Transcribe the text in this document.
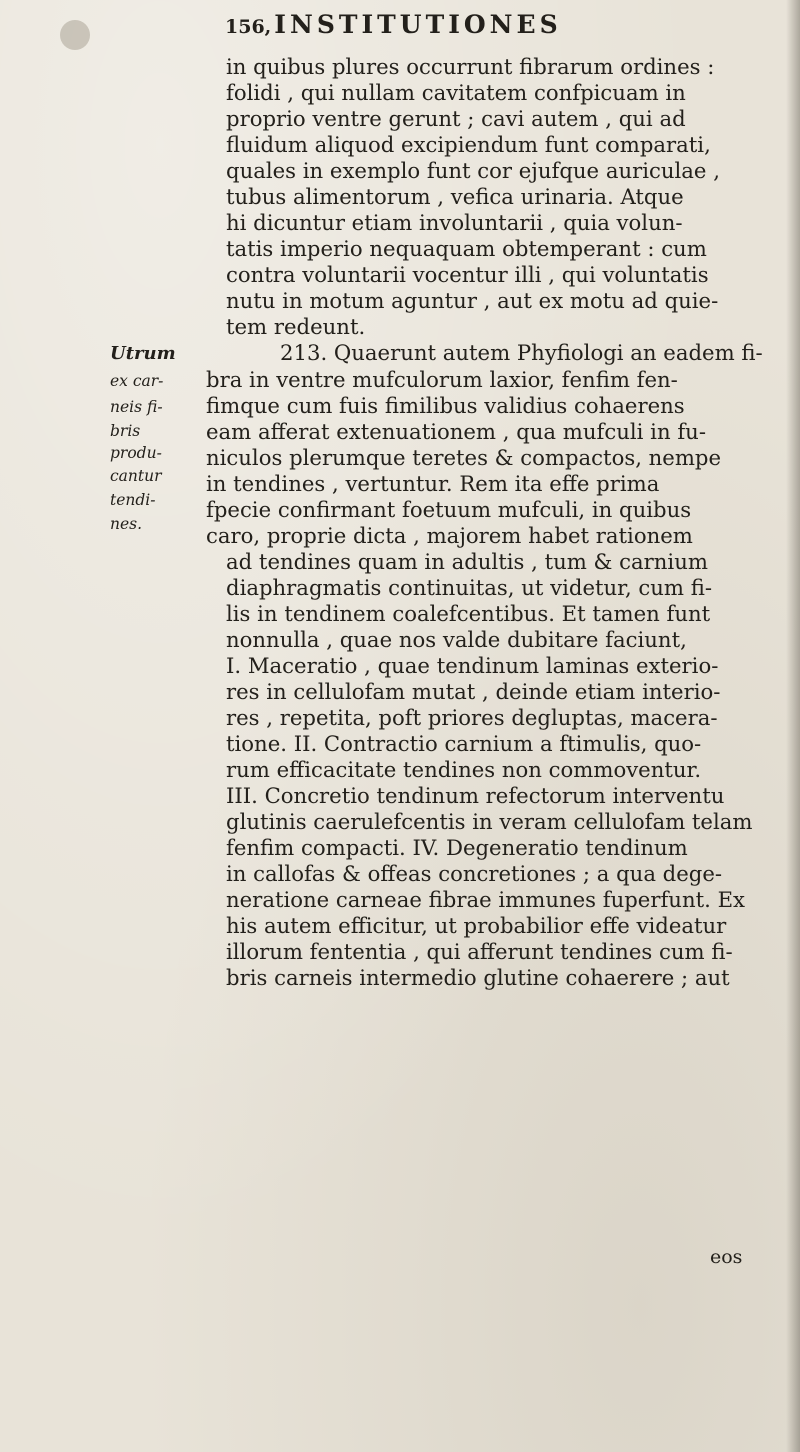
156, INSTITUTIONES
in quibus plures occurrunt fibrarum ordines :
folidi , qui nullam cavitatem confpicuam in
proprio ventre gerunt ; cavi autem , qui ad
fluidum aliquod excipiendum funt comparati,
quales in exemplo funt cor ejufque auriculae ,
tubus alimentorum , vefica urinaria. Atque
hi dicuntur etiam involuntarii , quia volun-
tatis imperio nequaquam obtemperant : cum
contra voluntarii vocentur illi , qui voluntatis
nutu in motum aguntur , aut ex motu ad quie-
tem redeunt.
213. Quaerunt autem Phyfiologi an eadem fi-
bra in ventre mufculorum laxior, fenfim fen-
fimque cum fuis fimilibus validius cohaerens
eam afferat extenuationem , qua mufculi in fu-
niculos plerumque teretes & compactos, nempe
in tendines , vertuntur. Rem ita effe prima
fpecie confirmant foetuum mufculi, in quibus
caro, proprie dicta , majorem habet rationem
ad tendines quam in adultis , tum & carnium
diaphragmatis continuitas, ut videtur, cum fi-
lis in tendinem coalefcentibus. Et tamen funt
nonnulla , quae nos valde dubitare faciunt,
I. Maceratio , quae tendinum laminas exterio-
res in cellulofam mutat , deinde etiam interio-
res , repetita, poft priores degluptas, macera-
tione. II. Contractio carnium a ftimulis, quo-
rum efficacitate tendines non commoventur.
III. Concretio tendinum refectorum interventu
glutinis caerulefcentis in veram cellulofam telam
fenfim compacti. IV. Degeneratio tendinum
in callofas & offeas concretiones ; a qua dege-
neratione carneae fibrae immunes fuperfunt. Ex
his autem efficitur, ut probabilior effe videatur
illorum fententia , qui afferunt tendines cum fi-
bris carneis intermedio glutine cohaerere ; aut
Utrum
ex car-
neis fi-
bris
produ-
cantur
tendi-
nes.
eos
